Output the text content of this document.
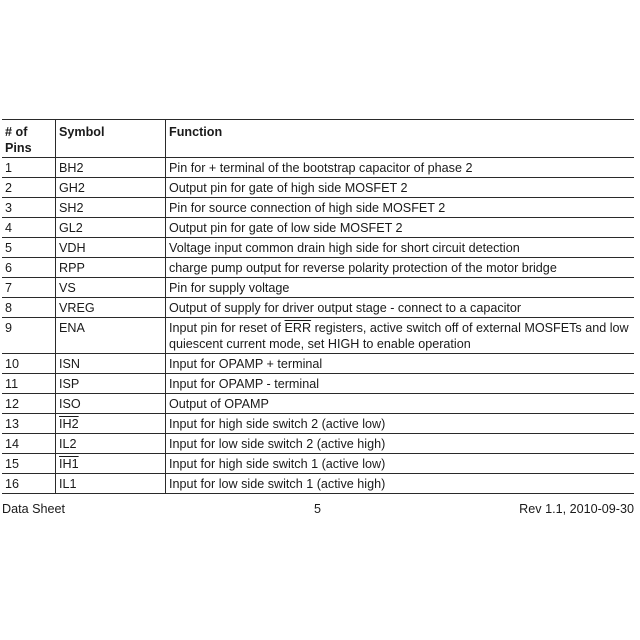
# of Pins	Symbol	Function
1	BH2	Pin for + terminal of the bootstrap capacitor of phase 2
2	GH2	Output pin for gate of high side MOSFET 2
3	SH2	Pin for source connection of high side MOSFET 2
4	GL2	Output pin for gate of low side MOSFET 2
5	VDH	Voltage input common drain high side for short circuit detection
6	RPP	charge pump output for reverse polarity protection of the motor bridge
7	VS	Pin for supply voltage
8	VREG	Output of supply for driver output stage - connect to a capacitor
9	ENA	Input pin for reset of $\overline{ERR}$ registers, active switch off of external MOSFETs and low quiescent current mode, set HIGH to enable operation
10	ISN	Input for OPAMP + terminal
11	ISP	Input for OPAMP - terminal
12	ISO	Output of OPAMP
13	IH2	Input for high side switch 2 (active low)
14	IL2	Input for low side switch 2 (active high)
15	IH1	Input for high side switch 1 (active low)
16	IL1	Input for low side switch 1 (active high)
Data Sheet	5	Rev 1.1, 2010-09-30
